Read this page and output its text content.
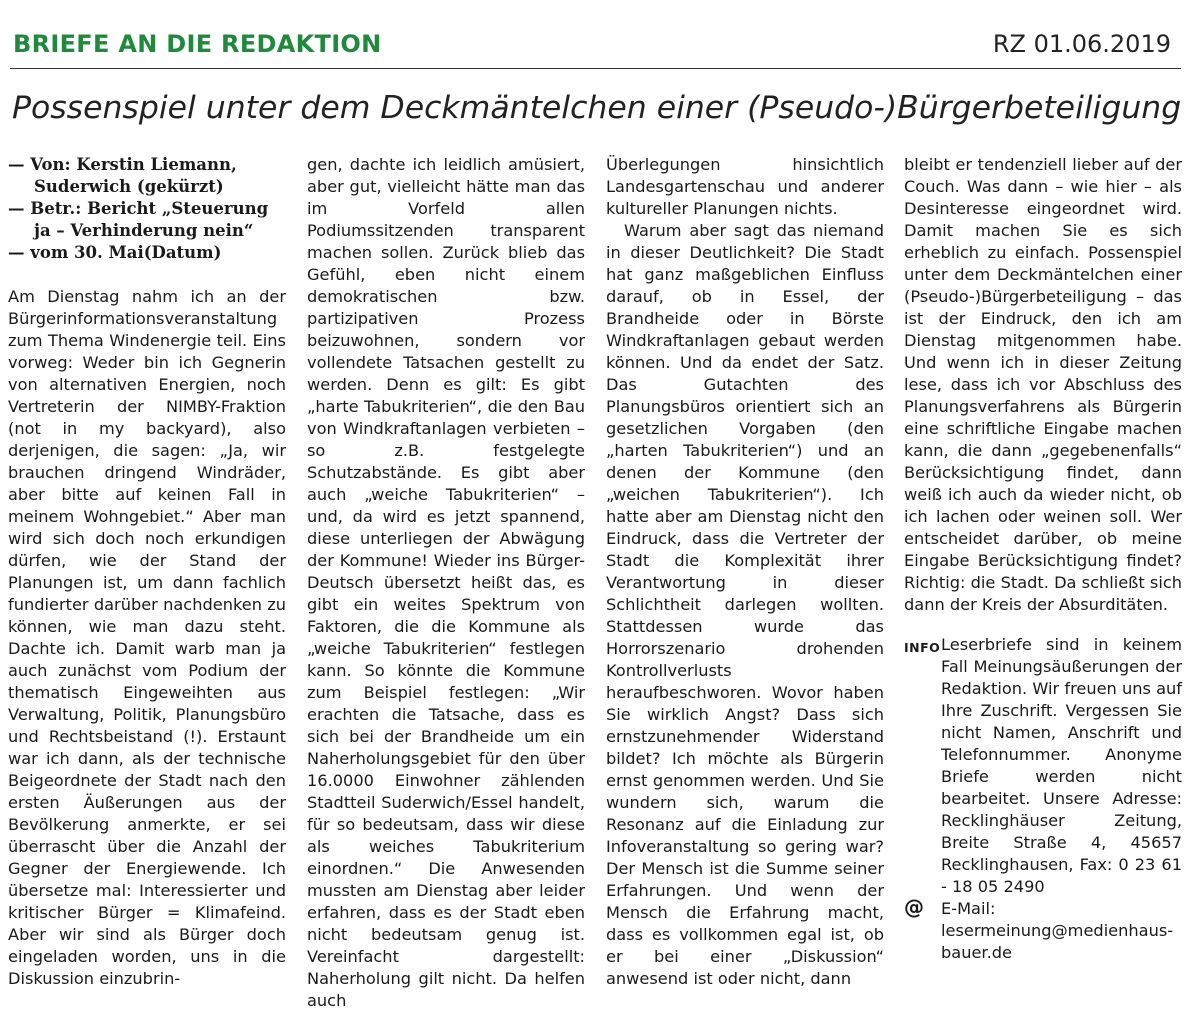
BRIEFE AN DIE REDAKTION	RZ 01.06.2019
Possenspiel unter dem Deckmäntelchen einer (Pseudo-)Bürgerbeteiligung
— Von: Kerstin Liemann, Suderwich (gekürzt)
— Betr.: Bericht „Steuerung ja – Verhinderung nein“
— vom 30. Mai(Datum)

Am Dienstag nahm ich an der Bürgerinformationsveranstaltung zum Thema Windenergie teil. Eins vorweg: Weder bin ich Gegnerin von alternativen Energien, noch Vertreterin der NIMBY-Fraktion (not in my backyard), also derjenigen, die sagen: „Ja, wir brauchen dringend Windräder, aber bitte auf keinen Fall in meinem Wohngebiet.“ Aber man wird sich doch noch erkundigen dürfen, wie der Stand der Planungen ist, um dann fachlich fundierter darüber nachdenken zu können, wie man dazu steht. Dachte ich. Damit warb man ja auch zunächst vom Podium der thematisch Eingeweihten aus Verwaltung, Politik, Planungsbüro und Rechtsbeistand (!). Erstaunt war ich dann, als der technische Beigeordnete der Stadt nach den ersten Äußerungen aus der Bevölkerung anmerkte, er sei überrascht über die Anzahl der Gegner der Energiewende. Ich übersetze mal: Interessierter und kritischer Bürger = Klimafeind. Aber wir sind als Bürger doch eingeladen worden, uns in die Diskussion einzubrin-

gen, dachte ich leidlich amüsiert, aber gut, vielleicht hätte man das im Vorfeld allen Podiumssitzenden transparent machen sollen. Zurück blieb das Gefühl, eben nicht einem demokratischen bzw. partizipativen Prozess beizuwohnen, sondern vor vollendete Tatsachen gestellt zu werden. Denn es gilt: Es gibt „harte Tabukriterien“, die den Bau von Windkraftanlagen verbieten – so z.B. festgelegte Schutzabstände. Es gibt aber auch „weiche Tabukriterien“ – und, da wird es jetzt spannend, diese unterliegen der Abwägung der Kommune! Wieder ins Bürger-Deutsch übersetzt heißt das, es gibt ein weites Spektrum von Faktoren, die die Kommune als „weiche Tabukriterien“ festlegen kann. So könnte die Kommune zum Beispiel festlegen: „Wir erachten die Tatsache, dass es sich bei der Brandheide um ein Naherholungsgebiet für den über 16.0000 Einwohner zählenden Stadtteil Suderwich/Essel handelt, für so bedeutsam, dass wir diese als weiches Tabukriterium einordnen.“ Die Anwesenden mussten am Dienstag aber leider erfahren, dass es der Stadt eben nicht bedeutsam genug ist. Vereinfacht dargestellt: Naherholung gilt nicht. Da helfen auch

Überlegungen hinsichtlich Landesgartenschau und anderer kultureller Planungen nichts.

Warum aber sagt das niemand in dieser Deutlichkeit? Die Stadt hat ganz maßgeblichen Einfluss darauf, ob in Essel, der Brandheide oder in Börste Windkraftanlagen gebaut werden können. Und da endet der Satz. Das Gutachten des Planungsbüros orientiert sich an gesetzlichen Vorgaben (den „harten Tabukriterien“) und an denen der Kommune (den „weichen Tabukriterien“). Ich hatte aber am Dienstag nicht den Eindruck, dass die Vertreter der Stadt die Komplexität ihrer Verantwortung in dieser Schlichtheit darlegen wollten. Stattdessen wurde das Horrorszenario drohenden Kontrollverlusts heraufbeschworen. Wovor haben Sie wirklich Angst? Dass sich ernstzunehmender Widerstand bildet? Ich möchte als Bürgerin ernst genommen werden. Und Sie wundern sich, warum die Resonanz auf die Einladung zur Infoveranstaltung so gering war? Der Mensch ist die Summe seiner Erfahrungen. Und wenn der Mensch die Erfahrung macht, dass es vollkommen egal ist, ob er bei einer „Diskussion“ anwesend ist oder nicht, dann

bleibt er tendenziell lieber auf der Couch. Was dann – wie hier – als Desinteresse eingeordnet wird. Damit machen Sie es sich erheblich zu einfach. Possenspiel unter dem Deckmäntelchen einer (Pseudo-)Bürgerbeteiligung – das ist der Eindruck, den ich am Dienstag mitgenommen habe. Und wenn ich in dieser Zeitung lese, dass ich vor Abschluss des Planungsverfahrens als Bürgerin eine schriftliche Eingabe machen kann, die dann „gegebenenfalls“ Berücksichtigung findet, dann weiß ich auch da wieder nicht, ob ich lachen oder weinen soll. Wer entscheidet darüber, ob meine Eingabe Berücksichtigung findet? Richtig: die Stadt. Da schließt sich dann der Kreis der Absurditäten.

INFO Leserbriefe sind in keinem Fall Meinungsäußerungen der Redaktion. Wir freuen uns auf Ihre Zuschrift. Vergessen Sie nicht Namen, Anschrift und Telefonnummer. Anonyme Briefe werden nicht bearbeitet. Unsere Adresse: Recklinghäuser Zeitung, Breite Straße 4, 45657 Recklinghausen, Fax: 0 23 61 - 18 05 2490
@ E-Mail: lesermeinung@medienhaus-bauer.de
